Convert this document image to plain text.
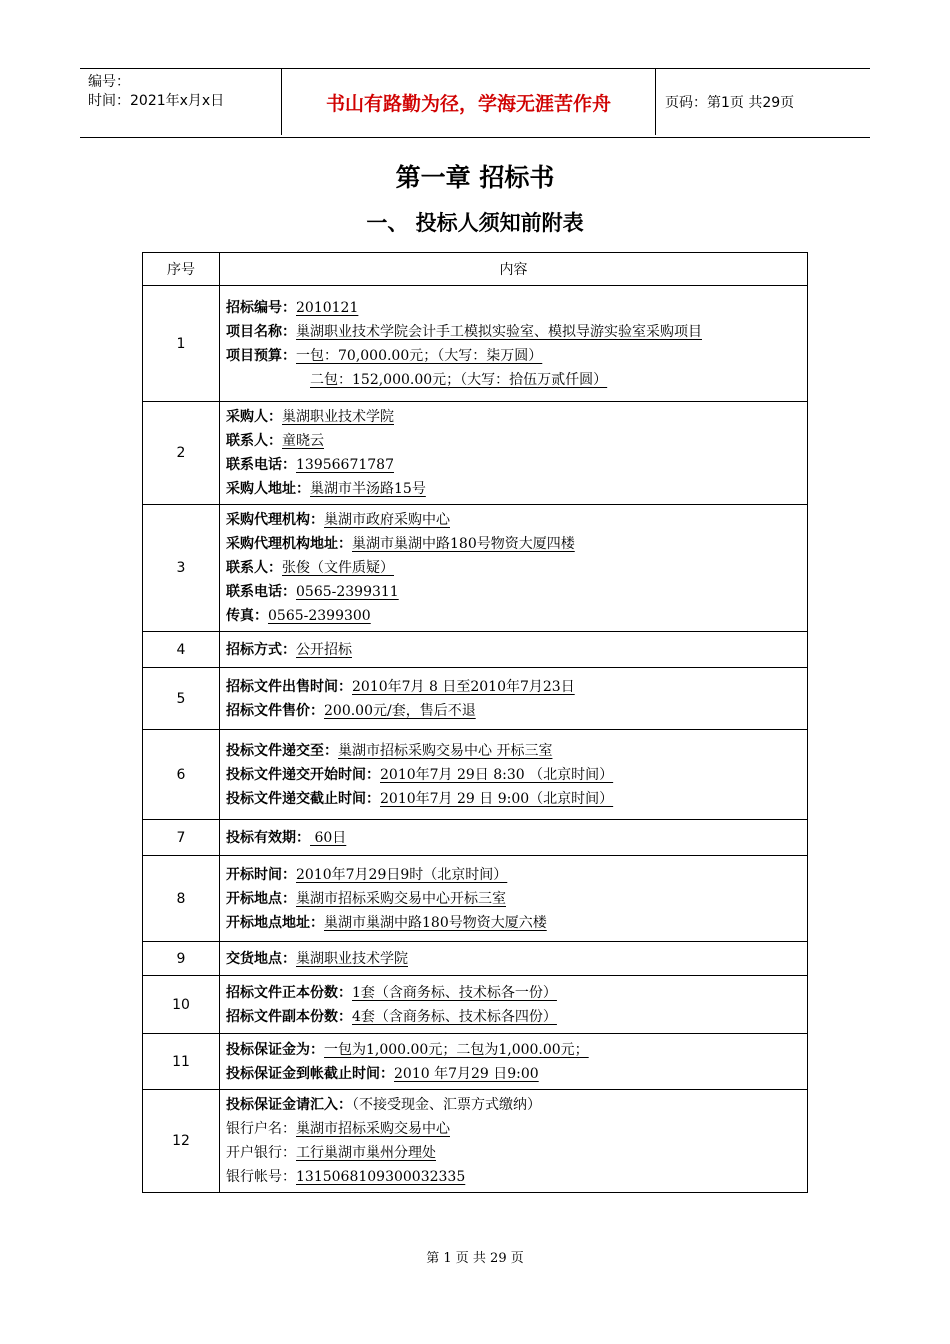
编号：
时间：2021年x月x日	书山有路勤为径，学海无涯苦作舟	页码：第1页 共29页
第一章 招标书
一、 投标人须知前附表
序号	内容
1	招标编号：2010121
项目名称：巢湖职业技术学院会计手工模拟实验室、模拟导游实验室采购项目
项目预算：一包：70,000.00元；（大写：柒万圆）
二包：152,000.00元；（大写：拾伍万贰仟圆）

2	采购人：巢湖职业技术学院
联系人：童晓云
联系电话：13956671787
采购人地址：巢湖市半汤路15号

3	采购代理机构：巢湖市政府采购中心
采购代理机构地址：巢湖市巢湖中路180号物资大厦四楼
联系人：张俊（文件质疑）
联系电话：0565-2399311
传真：0565-2399300

4	招标方式：公开招标

5	招标文件出售时间：2010年7月 8 日至2010年7月23日
招标文件售价：200.00元/套，售后不退

6	投标文件递交至：巢湖市招标采购交易中心 开标三室
投标文件递交开始时间：2010年7月 29日 8:30 （北京时间）
投标文件递交截止时间：2010年7月 29 日 9:00（北京时间）

7	投标有效期： 60日

8	开标时间：2010年7月29日9时（北京时间）
开标地点：巢湖市招标采购交易中心开标三室
开标地点地址：巢湖市巢湖中路180号物资大厦六楼

9	交货地点：巢湖职业技术学院

10	招标文件正本份数：1套（含商务标、技术标各一份）
招标文件副本份数：4套（含商务标、技术标各四份）

11	投标保证金为：一包为1,000.00元；二包为1,000.00元；
投标保证金到帐截止时间：2010 年7月29 日9:00

12	投标保证金请汇入：（不接受现金、汇票方式缴纳）
银行户名：巢湖市招标采购交易中心
开户银行：工行巢湖市巢州分理处
银行帐号：1315068109300032335
第 1 页 共 29 页
